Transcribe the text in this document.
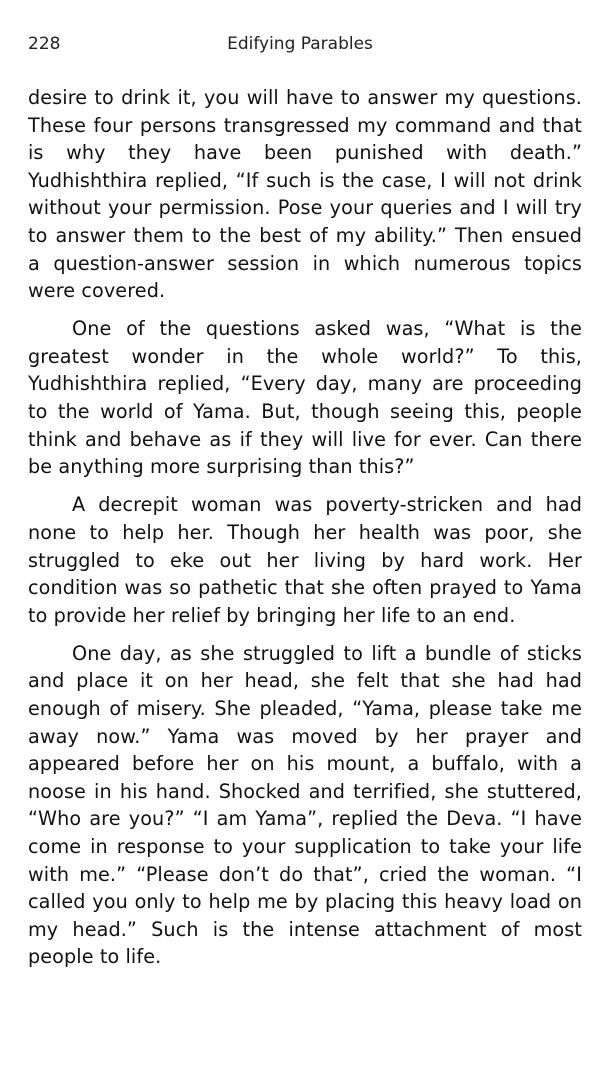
228	Edifying Parables

desire to drink it, you will have to answer my questions. These four persons transgressed my command and that is why they have been punished with death.” Yudhishthira replied, “If such is the case, I will not drink without your permission. Pose your queries and I will try to answer them to the best of my ability.” Then ensued a question-answer session in which numerous topics were covered.

One of the questions asked was, “What is the greatest wonder in the whole world?” To this, Yudhishthira replied, “Every day, many are proceeding to the world of Yama. But, though seeing this, people think and behave as if they will live for ever. Can there be anything more surprising than this?”

A decrepit woman was poverty-stricken and had none to help her. Though her health was poor, she struggled to eke out her living by hard work. Her condition was so pathetic that she often prayed to Yama to provide her relief by bringing her life to an end.

One day, as she struggled to lift a bundle of sticks and place it on her head, she felt that she had had enough of misery. She pleaded, “Yama, please take me away now.” Yama was moved by her prayer and appeared before her on his mount, a buffalo, with a noose in his hand. Shocked and terrified, she stuttered, “Who are you?” “I am Yama”, replied the Deva. “I have come in response to your supplication to take your life with me.” “Please don’t do that”, cried the woman. “I called you only to help me by placing this heavy load on my head.” Such is the intense attachment of most people to life.

·
